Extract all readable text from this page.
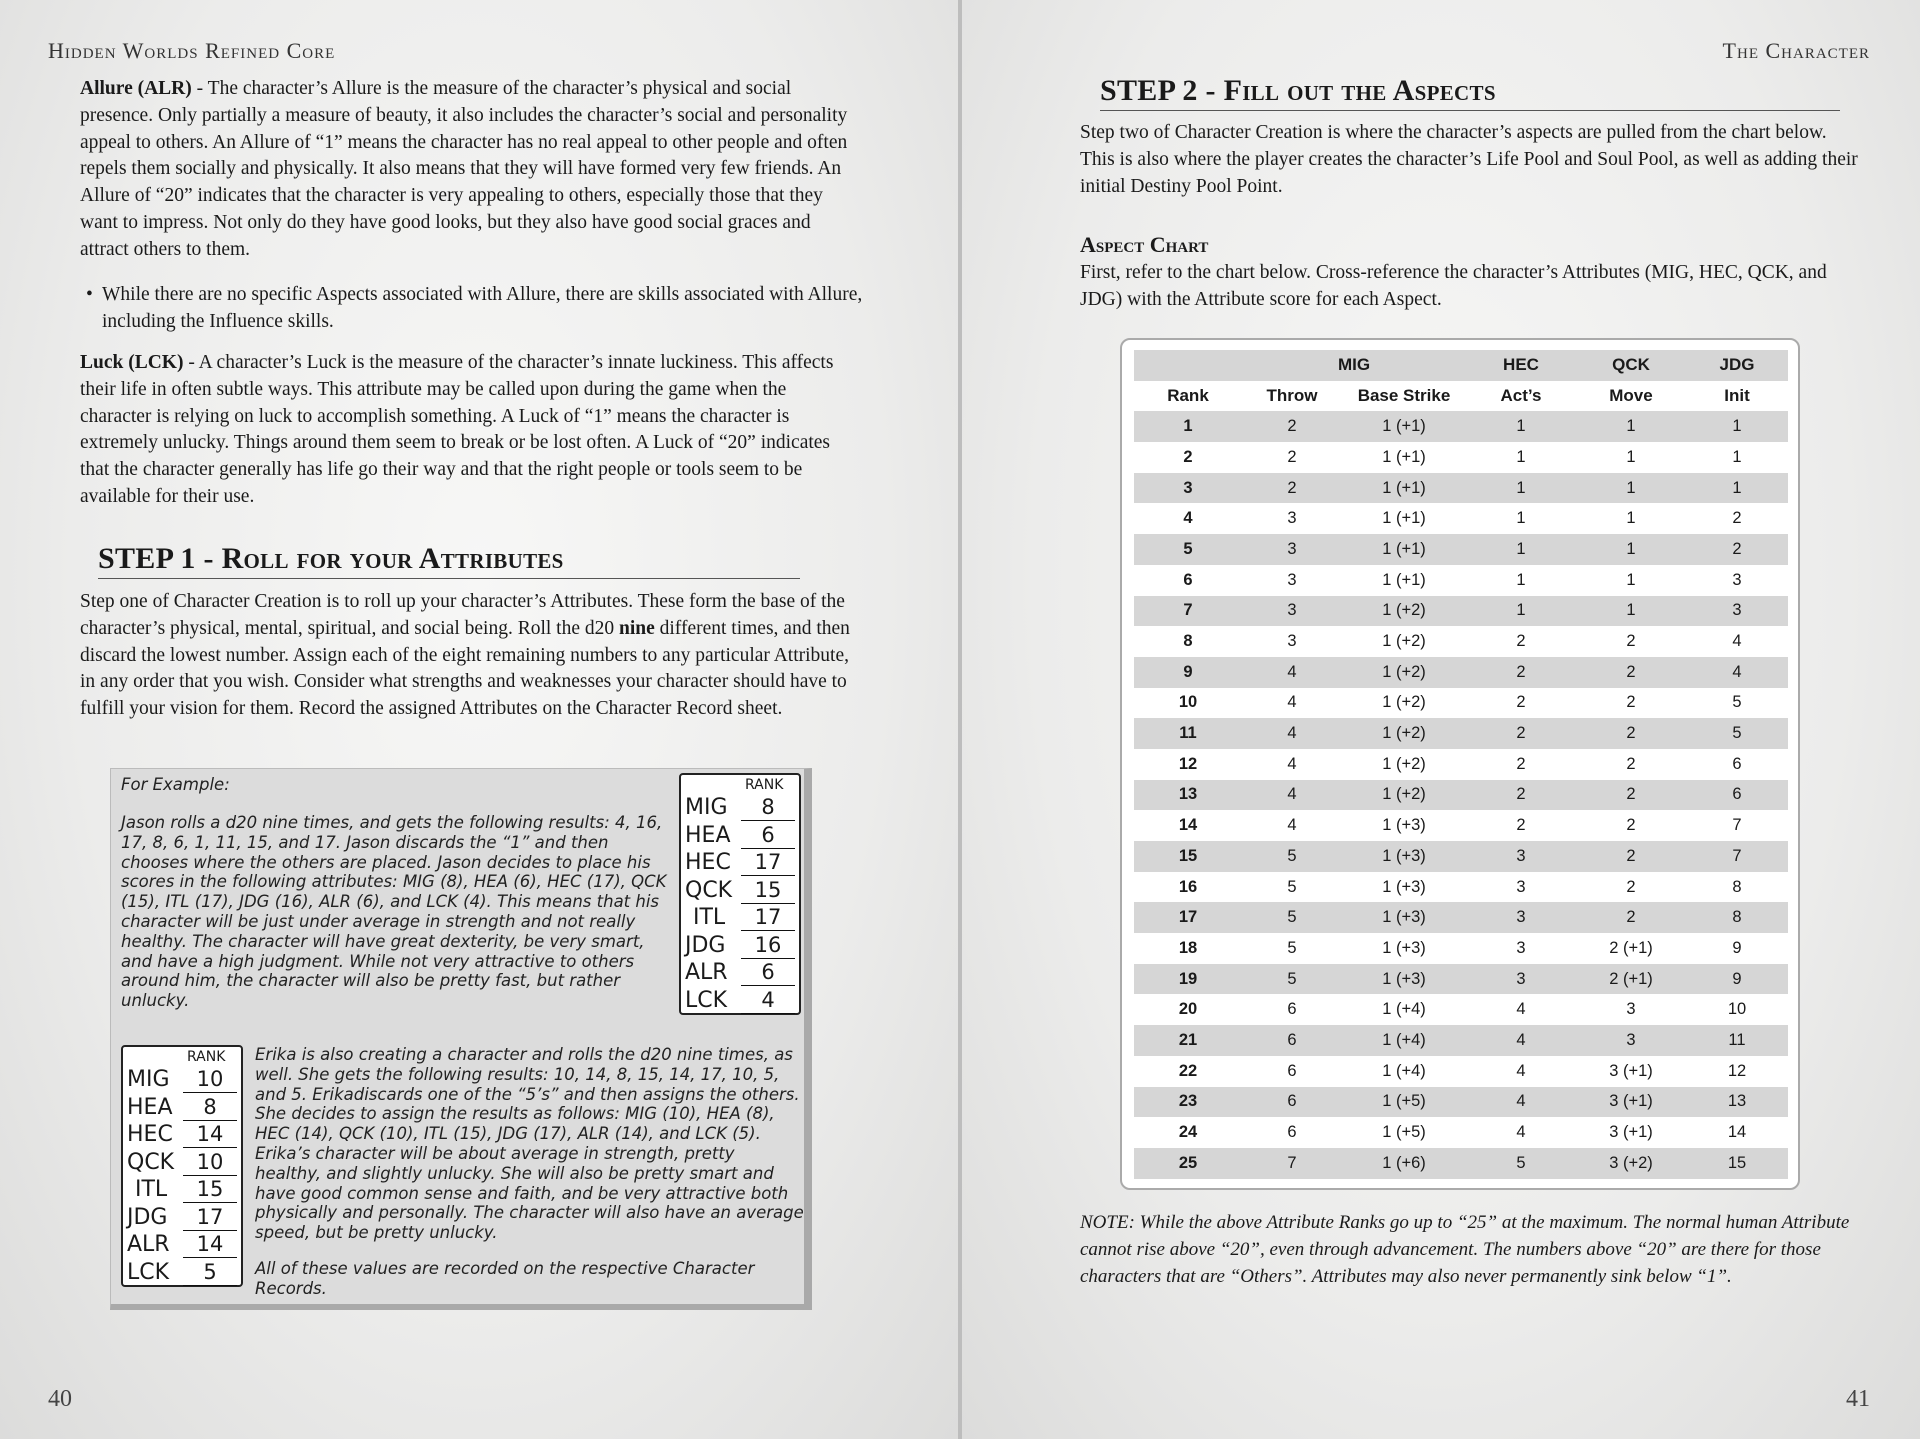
Hidden Worlds Refined Core

Allure (ALR) - The character’s Allure is the measure of the character’s physical and social presence. Only partially a measure of beauty, it also includes the character’s social and personality appeal to others. An Allure of “1” means the character has no real appeal to other people and often repels them socially and physically. It also means that they will have formed very few friends. An Allure of “20” indicates that the character is very appealing to others, especially those that they want to impress. Not only do they have good looks, but they also have good social graces and attract others to them.

• While there are no specific Aspects associated with Allure, there are skills associated with Allure, including the Influence skills.

Luck (LCK) - A character’s Luck is the measure of the character’s innate luckiness. This affects their life in often subtle ways. This attribute may be called upon during the game when the character is relying on luck to accomplish something. A Luck of “1” means the character is extremely unlucky. Things around them seem to break or be lost often. A Luck of “20” indicates that the character generally has life go their way and that the right people or tools seem to be available for their use.

STEP 1 - Roll for your Attributes

Step one of Character Creation is to roll up your character’s Attributes. These form the base of the character’s physical, mental, spiritual, and social being. Roll the d20 nine different times, and then discard the lowest number. Assign each of the eight remaining numbers to any particular Attribute, in any order that you wish. Consider what strengths and weaknesses your character should have to fulfill your vision for them. Record the assigned Attributes on the Character Record sheet.

For Example:
Jason rolls a d20 nine times, and gets the following results: 4, 16, 17, 8, 6, 1, 11, 15, and 17. Jason discards the “1” and then chooses where the others are placed. Jason decides to place his scores in the following attributes: MIG (8), HEA (6), HEC (17), QCK (15), ITL (17), JDG (16), ALR (6), and LCK (4). This means that his character will be just under average in strength and not really healthy. The character will have great dexterity, be very smart, and have a high judgment. While not very attractive to others around him, the character will also be pretty fast, but rather unlucky.
RANK
MIG	8
HEA	6
HEC	17
QCK	15
ITL	17
JDG	16
ALR	6
LCK	4
RANK
MIG	10
HEA	8
HEC	14
QCK	10
ITL	15
JDG	17
ALR	14
LCK	5
Erika is also creating a character and rolls the d20 nine times, as well. She gets the following results: 10, 14, 8, 15, 14, 17, 10, 5, and 5. Erikadiscards one of the “5’s” and then assigns the others. She decides to assign the results as follows: MIG (10), HEA (8), HEC (14), QCK (10), ITL (15), JDG (17), ALR (14), and LCK (5). Erika’s character will be about average in strength, pretty healthy, and slightly unlucky. She will also be pretty smart and have good common sense and faith, and be very attractive both physically and personally. The character will also have an average speed, but be pretty unlucky.
All of these values are recorded on the respective Character Records.
40
The Character
STEP 2 - Fill out the Aspects

Step two of Character Creation is where the character’s aspects are pulled from the chart below. This is also where the player creates the character’s Life Pool and Soul Pool, as well as adding their initial Destiny Pool Point.

Aspect Chart

First, refer to the chart below. Cross-reference the character’s Attributes (MIG, HEC, QCK, and JDG) with the Attribute score for each Aspect.

NOTE: While the above Attribute Ranks go up to “25” at the maximum. The normal human Attribute cannot rise above “20”, even through advancement. The numbers above “20” are there for those characters that are “Others”. Attributes may also never permanently sink below “1”.

41
	MIG		HEC	QCK	JDG
Rank	Throw	Base Strike	Act’s	Move	Init
1	2	1 (+1)	1	1	1
2	2	1 (+1)	1	1	1
3	2	1 (+1)	1	1	1
4	3	1 (+1)	1	1	2
5	3	1 (+1)	1	1	2
6	3	1 (+1)	1	1	3
7	3	1 (+2)	1	1	3
8	3	1 (+2)	2	2	4
9	4	1 (+2)	2	2	4
10	4	1 (+2)	2	2	5
11	4	1 (+2)	2	2	5
12	4	1 (+2)	2	2	6
13	4	1 (+2)	2	2	6
14	4	1 (+3)	2	2	7
15	5	1 (+3)	3	2	7
16	5	1 (+3)	3	2	8
17	5	1 (+3)	3	2	8
18	5	1 (+3)	3	2 (+1)	9
19	5	1 (+3)	3	2 (+1)	9
20	6	1 (+4)	4	3	10
21	6	1 (+4)	4	3	11
22	6	1 (+4)	4	3 (+1)	12
23	6	1 (+5)	4	3 (+1)	13
24	6	1 (+5)	4	3 (+1)	14
25	7	1 (+6)	5	3 (+2)	15
